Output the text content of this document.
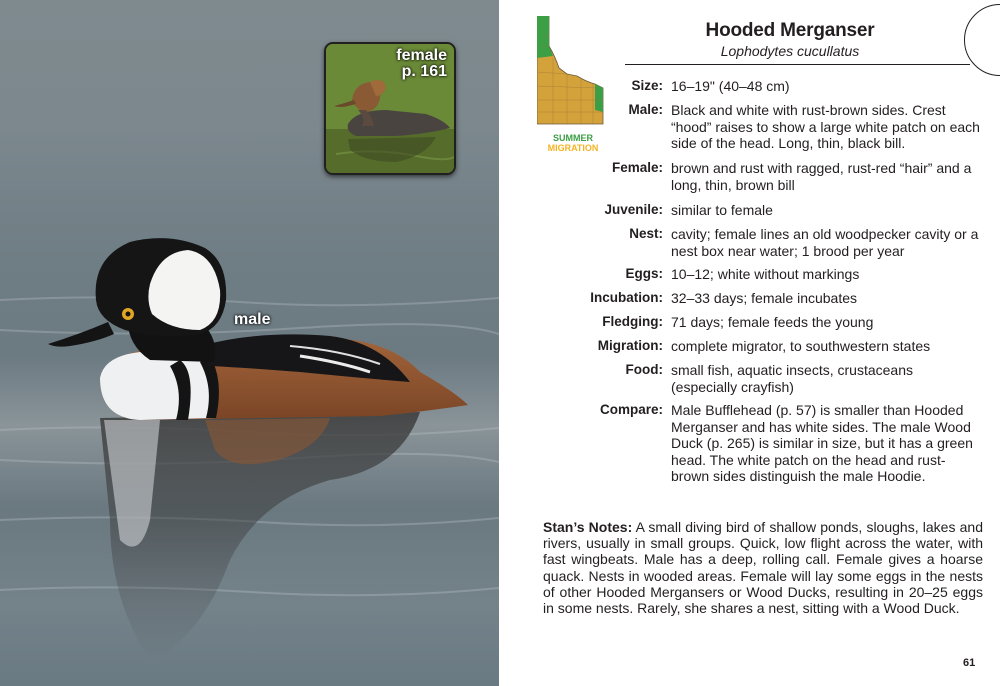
female
p. 161
male
SUMMER
MIGRATION
Hooded Merganser
Lophodytes cucullatus
Size: 16–19" (40–48 cm)
Male: Black and white with rust-brown sides. Crest “hood” raises to show a large white patch on each side of the head. Long, thin, black bill.
Female: brown and rust with ragged, rust-red “hair” and a long, thin, brown bill
Juvenile: similar to female
Nest: cavity; female lines an old woodpecker cavity or a nest box near water; 1 brood per year
Eggs: 10–12; white without markings
Incubation: 32–33 days; female incubates
Fledging: 71 days; female feeds the young
Migration: complete migrator, to southwestern states
Food: small fish, aquatic insects, crustaceans (especially crayfish)
Compare: Male Bufflehead (p. 57) is smaller than Hooded Merganser and has white sides. The male Wood Duck (p. 265) is similar in size, but it has a green head. The white patch on the head and rust-brown sides distinguish the male Hoodie.
Stan’s Notes: A small diving bird of shallow ponds, sloughs, lakes and rivers, usually in small groups. Quick, low flight across the water, with fast wingbeats. Male has a deep, rolling call. Female gives a hoarse quack. Nests in wooded areas. Female will lay some eggs in the nests of other Hooded Mergansers or Wood Ducks, resulting in 20–25 eggs in some nests. Rarely, she shares a nest, sitting with a Wood Duck.
61
